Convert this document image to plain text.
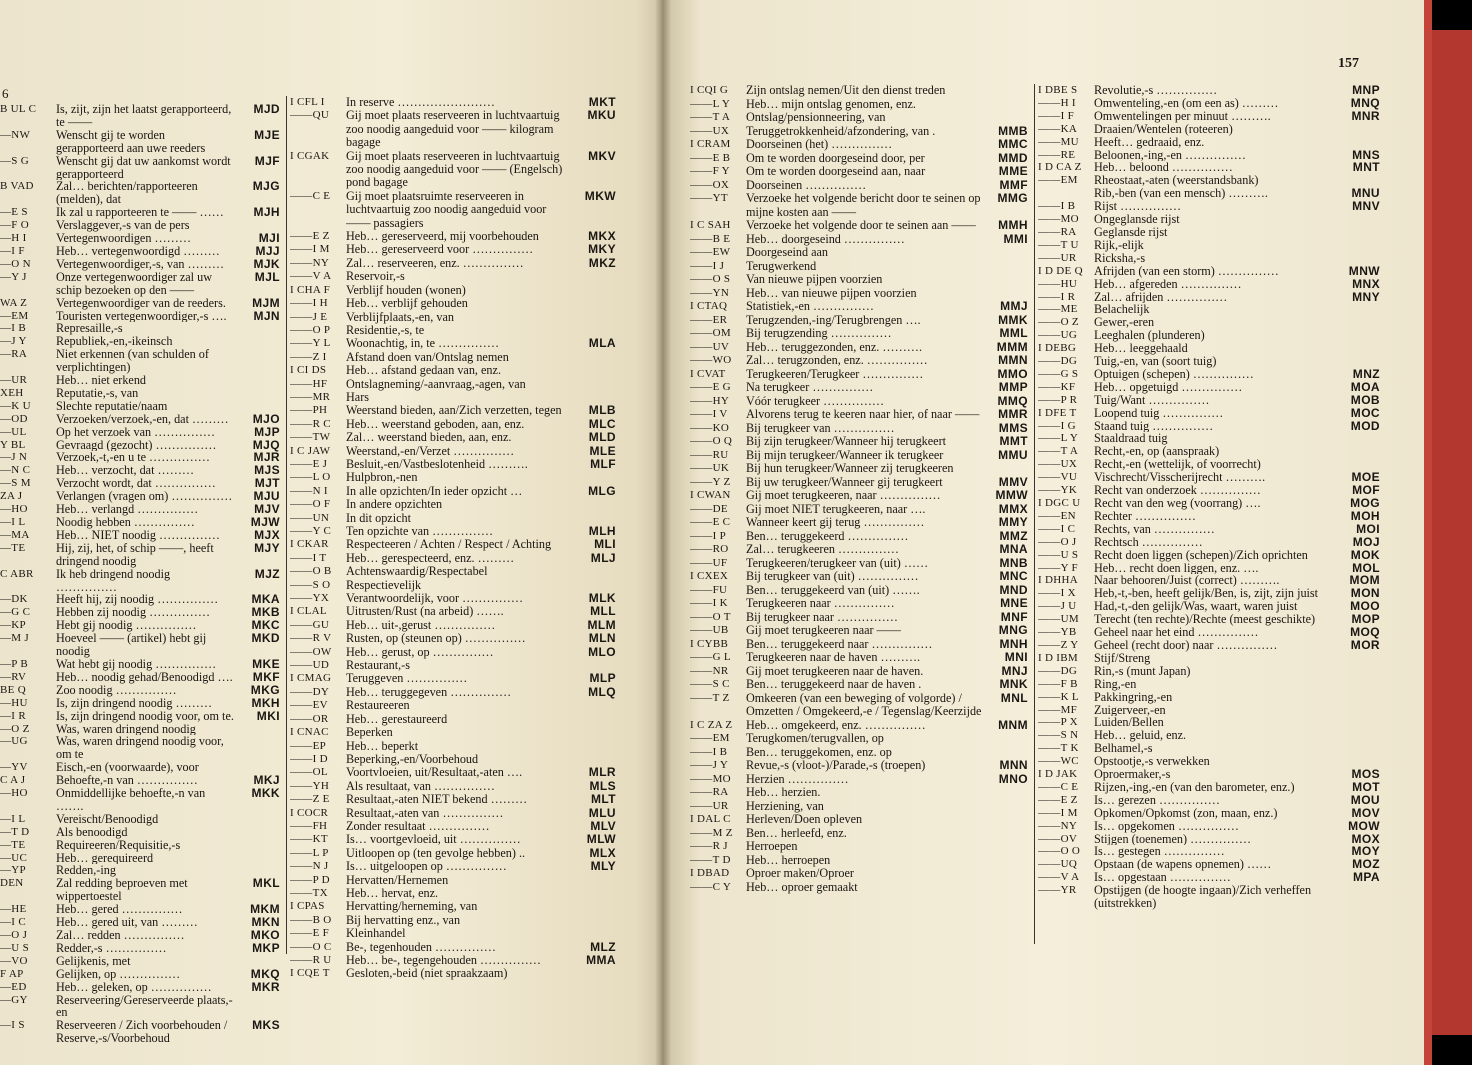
6
157
B UL C	Is, zijt, zijn het laatst gerapporteerd, te ——
MJD
—NW	Wenscht gij te worden gerapporteerd aan uwe reeders
MJE
—S G	Wenscht gij dat uw aankomst wordt gerapporteerd
MJF
B VAD	Zal… berichten/rapporteeren (melden), dat
MJG
—E S	Ik zal u rapporteeren te —— ……	MJH
—F O	Verslaggever,-s van de pers
—H I	Vertegenwoordigen ………	MJI
—I F	Heb… vertegenwoordigd ………	MJJ
—O N	Vertegenwoordiger,-s, van ………	MJK
—Y J	Onze vertegenwoordiger zal uw schip bezoeken op den ——
MJL
WA Z	Vertegenwoordiger van de reeders.	MJM
—EM	Touristen vertegenwoordiger,-s ….	MJN
—I B	Represaille,-s
—J Y	Republiek,-en,-ikeinsch
—RA	Niet erkennen (van schulden of verplichtingen)
—UR	Heb… niet erkend
XEH	Reputatie,-s, van
—K U	Slechte reputatie/naam
—OD	Verzoeken/verzoek,-en, dat ………	MJO
—UL	Op het verzoek van ……………	MJP
Y BL	Gevraagd (gezocht) ……………	MJQ
—J N	Verzoek,-t,-en u te ……………	MJR
—N C	Heb… verzocht, dat ………	MJS
—S M	Verzocht wordt, dat ……………	MJT
ZA J	Verlangen (vragen om) ……………	MJU
—HO	Heb… verlangd ……………	MJV
—I L	Noodig hebben ……………	MJW
—MA	Heb… NIET noodig ……………	MJX
—TE	Hij, zij, het, of schip ——, heeft dringend noodig
MJY
C ABR	Ik heb dringend noodig ……………
MJZ
—DK	Heeft hij, zij noodig ……………	MKA
—G C	Hebben zij noodig ……………	MKB
—KP	Hebt gij noodig ……………	MKC
—M J	Hoeveel —— (artikel) hebt gij noodig
MKD
—P B	Wat hebt gij noodig ……………	MKE
—RV	Heb… noodig gehad/Benoodigd ….	MKF
BE Q	Zoo noodig ……………	MKG
—HU	Is, zijn dringend noodig ………	MKH
—I R	Is, zijn dringend noodig voor, om te.	MKI
—O Z	Was, waren dringend noodig
—UG	Was, waren dringend noodig voor, om te
—YV	Eisch,-en (voorwaarde), voor
C A J	Behoefte,-n van ……………	MKJ
—HO	Onmiddellijke behoefte,-n van …….
MKK
—I L	Vereischt/Benoodigd
—T D	Als benoodigd
—TE	Requireeren/Requisitie,-s
—UC	Heb… gerequireerd
—YP	Redden,-ing
DEN	Zal redding beproeven met wippertoestel
MKL
—HE	Heb… gered ……………	MKM
—I C	Heb… gered uit, van ………	MKN
—O J	Zal… redden ……………	MKO
—U S	Redder,-s ……………	MKP
—VO	Gelijkenis, met
F AP	Gelijken, op ……………	MKQ
—ED	Heb… geleken, op ……………	MKR
—GY	Reserveering/Gereserveerde plaats,-en
—I S	Reserveeren / Zich voorbehouden / Reserve,-s/Voorbehoud
MKS
I CFL I	In reserve ……………………	MKT
——QU	Gij moet plaats reserveeren in luchtvaartuig zoo noodig aangeduid voor —— kilogram bagage
MKU
I CGAK	Gij moet plaats reserveeren in luchtvaartuig zoo noodig aangeduid voor —— (Engelsch) pond bagage
MKV
——C E	Gij moet plaatsruimte reserveeren in luchtvaartuig zoo noodig aangeduid voor —— passagiers
MKW
——E Z	Heb… gereserveerd, mij voorbehouden	MKX
——I M	Heb… gereserveerd voor ……………	MKY
——NY	Zal… reserveeren, enz. ……………	MKZ
——V A	Reservoir,-s
I CHA F	Verblijf houden (wonen)
——I H	Heb… verblijf gehouden
——J E	Verblijfplaats,-en, van
——O P	Residentie,-s, te
——Y L	Woonachtig, in, te ……………	MLA
——Z I	Afstand doen van/Ontslag nemen
I CI DS	Heb… afstand gedaan van, enz.
——HF	Ontslagneming/-aanvraag,-agen, van
——MR	Hars
——PH	Weerstand bieden, aan/Zich verzetten, tegen	MLB
——R C	Heb… weerstand geboden, aan, enz.	MLC
——TW	Zal… weerstand bieden, aan, enz.	MLD
I C JAW	Weerstand,-en/Verzet ……………	MLE
——E J	Besluit,-en/Vastbeslotenheid ……….	MLF
——L O	Hulpbron,-nen
——N I	In alle opzichten/In ieder opzicht …	MLG
——O F	In andere opzichten
——UN	In dit opzicht
——Y C	Ten opzichte van ……………	MLH
I CKAR	Respecteeren / Achten / Respect / Achting	MLI
——I T	Heb… gerespecteerd, enz. ………	MLJ
——O B	Achtenswaardig/Respectabel
——S O	Respectievelijk
——YX	Verantwoordelijk, voor ……………	MLK
I CLAL	Uitrusten/Rust (na arbeid) …….	MLL
——GU	Heb… uit-,gerust ……………	MLM
——R V	Rusten, op (steunen op) ……………	MLN
——OW	Heb… gerust, op ……………	MLO
——UD	Restaurant,-s
I CMAG	Teruggeven ……………	MLP
——DY	Heb… teruggegeven ……………	MLQ
——EV	Restaureeren
——OR	Heb… gerestaureerd
I CNAC	Beperken
——EP	Heb… beperkt
——I D	Beperking,-en/Voorbehoud
——OL	Voortvloeien, uit/Resultaat,-aten ….	MLR
——YH	Als resultaat, van ……………	MLS
——Z E	Resultaat,-aten NIET bekend ………	MLT
I COCR	Resultaat,-aten van ……………	MLU
——FH	Zonder resultaat ……………	MLV
——KT	Is… voortgevloeid, uit ……………	MLW
——L P	Uitloopen op (ten gevolge hebben) ..	MLX
——N J	Is… uitgeloopen op ……………	MLY
——P D	Hervatten/Hernemen
——TX	Heb… hervat, enz.
I CPAS	Hervatting/herneming, van
——B O	Bij hervatting enz., van
——E F	Kleinhandel
——O C	Be-, tegenhouden ……………	MLZ
——R U	Heb… be-, tegengehouden ……………	MMA
I CQE T	Gesloten,-beid (niet spraakzaam)
I CQI G	Zijn ontslag nemen/Uit den dienst treden
——L Y	Heb… mijn ontslag genomen, enz.
——T A	Ontslag/pensionneering, van
——UX	Teruggetrokkenheid/afzondering, van .	MMB
I CRAM	Doorseinen (het) ……………	MMC
——E B	Om te worden doorgeseind door, per	MMD
——F Y	Om te worden doorgeseind aan, naar	MME
——OX	Doorseinen ……………	MMF
——YT	Verzoeke het volgende bericht door te seinen op mijne kosten aan ——
MMG
I C SAH	Verzoeke het volgende door te seinen aan ——	MMH
——B E	Heb… doorgeseind ……………	MMI
——EW	Doorgeseind aan
——I J	Terugwerkend
——O S	Van nieuwe pijpen voorzien
——YN	Heb… van nieuwe pijpen voorzien
I CTAQ	Statistiek,-en ……………	MMJ
——ER	Terugzenden,-ing/Terugbrengen ….	MMK
——OM	Bij terugzending ……………	MML
——UV	Heb… teruggezonden, enz. ……….	MMM
——WO	Zal… terugzonden, enz. ……………	MMN
I CVAT	Terugkeeren/Terugkeer ……………	MMO
——E G	Na terugkeer ……………	MMP
——HY	Vóór terugkeer ……………	MMQ
——I V	Alvorens terug te keeren naar hier, of naar ——	MMR
——KO	Bij terugkeer van ……………	MMS
——O Q	Bij zijn terugkeer/Wanneer hij terugkeert	MMT
——RU	Bij mijn terugkeer/Wanneer ik terugkeer	MMU
——UK	Bij hun terugkeer/Wanneer zij terugkeeren
——Y Z	Bij uw terugkeer/Wanneer gij terugkeert	MMV
I CWAN	Gij moet terugkeeren, naar ……………	MMW
——DE	Gij moet NIET terugkeeren, naar ….	MMX
——E C	Wanneer keert gij terug ……………	MMY
——I P	Ben… teruggekeerd ……………	MMZ
——RO	Zal… terugkeeren ……………	MNA
——UF	Terugkeeren/terugkeer van (uit) ……	MNB
I CXEX	Bij terugkeer van (uit) ……………	MNC
——FU	Ben… teruggekeerd van (uit) …….	MND
——I K	Terugkeeren naar ……………	MNE
——O T	Bij terugkeer naar ……………	MNF
——UB	Gij moet terugkeeren naar ——	MNG
I CYBB	Ben… teruggekeerd naar ……………	MNH
——G L	Terugkeeren naar de haven ……….	MNI
——NR	Gij moet terugkeeren naar de haven.	MNJ
——S C	Ben… teruggekeerd naar de haven .	MNK
——T Z	Omkeeren (van een beweging of volgorde) / Omzetten / Omgekeerd,-e / Tegenslag/Keerzijde
MNL
I C ZA Z	Heb… omgekeerd, enz. ……………	MNM
——EM	Terugkomen/terugvallen, op
——I B	Ben… teruggekomen, enz. op
——J Y	Revue,-s (vloot-)/Parade,-s (troepen)	MNN
——MO	Herzien ……………	MNO
——RA	Heb… herzien.
——UR	Herziening, van
I DAL C	Herleven/Doen opleven
——M Z	Ben… herleefd, enz.
——R J	Herroepen
——T D	Heb… herroepen
I DBAD	Oproer maken/Oproer
——C Y	Heb… oproer gemaakt
I DBE S	Revolutie,-s ……………	MNP
——H I	Omwenteling,-en (om een as) ………	MNQ
——I F	Omwentelingen per minuut ……….	MNR
——KA	Draaien/Wentelen (roteeren)
——MU	Heeft… gedraaid, enz.
——RE	Beloonen,-ing,-en ……………	MNS
I D CA Z	Heb… beloond ……………	MNT
——EM	Rheostaat,-aten (weerstandsbank)
Rib,-ben (van een mensch) ……….	MNU
——I B	Rijst ……………	MNV
——MO	Ongeglansde rijst
——RA	Geglansde rijst
——T U	Rijk,-elijk
——UR	Ricksha,-s
I D DE Q Afrijden (van een storm) ……………	MNW
——HU	Heb… afgereden ……………	MNX
——I R	Zal… afrijden ……………	MNY
——ME	Belachelijk
——O Z	Gewer,-eren
——UG	Leeghalen (plunderen)
I DEBG	Heb… leeggehaald
——DG	Tuig,-en, van (soort tuig)
——G S	Optuigen (schepen) ……………	MNZ
——KF	Heb… opgetuigd ……………	MOA
——P R	Tuig/Want ……………	MOB
I DFE T	Loopend tuig ……………	MOC
——I G	Staand tuig ……………	MOD
——L Y	Staaldraad tuig
——T A	Recht,-en, op (aanspraak)
——UX	Recht,-en (wettelijk, of voorrecht)
——VU	Vischrecht/Visscherijrecht ……….	MOE
——YK	Recht van onderzoek ……………	MOF
I DGC U	Recht van den weg (voorrang) ….	MOG
——EN	Rechter ……………	MOH
——I C	Rechts, van ……………	MOI
——O J	Rechtsch ……………	MOJ
——U S	Recht doen liggen (schepen)/Zich oprichten	MOK
——Y F	Heb… recht doen liggen, enz. ….	MOL
I DHHA	Naar behooren/Juist (correct) ……….	MOM
——I X	Heb,-t,-ben, heeft gelijk/Ben, is, zijt, zijn juist	MON
——J U	Had,-t,-den gelijk/Was, waart, waren juist	MOO
——UM	Terecht (ten rechte)/Rechte (meest geschikte)	MOP
——YB	Geheel naar het eind ……………	MOQ
——Z Y	Geheel (recht door) naar ……………	MOR
I D IBM	Stijf/Streng
——DG	Rin,-s (munt Japan)
——F B	Ring,-en
——K L	Pakkingring,-en
——MF	Zuigerveer,-en
——P X	Luiden/Bellen
——S N	Heb… geluid, enz.
——T K	Belhamel,-s
——WC	Opstootje,-s verwekken
I D JAK	Oproermaker,-s	MOS
——C E	Rijzen,-ing,-en (van den barometer, enz.)	MOT
——E Z	Is… gerezen ……………	MOU
——I M	Opkomen/Opkomst (zon, maan, enz.)	MOV
——NY	Is… opgekomen ……………	MOW
——OV	Stijgen (toenemen) ……………	MOX
——O O	Is… gestegen ……………	MOY
——UQ	Opstaan (de wapens opnemen) ……	MOZ
——V A	Is… opgestaan ……………	MPA
——YR	Opstijgen (de hoogte ingaan)/Zich verheffen (uitstrekken)
